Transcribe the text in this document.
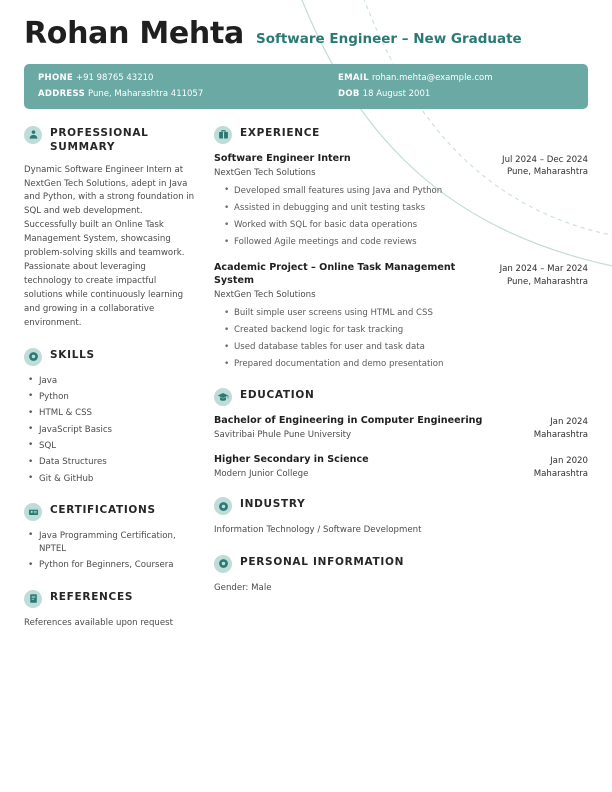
Rohan Mehta Software Engineer – New Graduate
PHONE +91 98765 43210
ADDRESS Pune, Maharashtra 411057
EMAIL rohan.mehta@example.com
DOB 18 August 2001
PROFESSIONAL SUMMARY
Dynamic Software Engineer Intern at NextGen Tech Solutions, adept in Java and Python, with a strong foundation in SQL and web development. Successfully built an Online Task Management System, showcasing problem-solving skills and teamwork. Passionate about leveraging technology to create impactful solutions while continuously learning and growing in a collaborative environment.
SKILLS
• Java
• Python
• HTML & CSS
• JavaScript Basics
• SQL
• Data Structures
• Git & GitHub
CERTIFICATIONS
• Java Programming Certification, NPTEL
• Python for Beginners, Coursera
REFERENCES
References available upon request
EXPERIENCE
Software Engineer Intern
NextGen Tech Solutions
Jul 2024 – Dec 2024
Pune, Maharashtra
• Developed small features using Java and Python
• Assisted in debugging and unit testing tasks
• Worked with SQL for basic data operations
• Followed Agile meetings and code reviews
Academic Project – Online Task Management System
NextGen Tech Solutions
Jan 2024 – Mar 2024
Pune, Maharashtra
• Built simple user screens using HTML and CSS
• Created backend logic for task tracking
• Used database tables for user and task data
• Prepared documentation and demo presentation
EDUCATION
Bachelor of Engineering in Computer Engineering
Savitribai Phule Pune University
Jan 2024
Maharashtra
Higher Secondary in Science
Modern Junior College
Jan 2020
Maharashtra
INDUSTRY
Information Technology / Software Development
PERSONAL INFORMATION
Gender: Male
